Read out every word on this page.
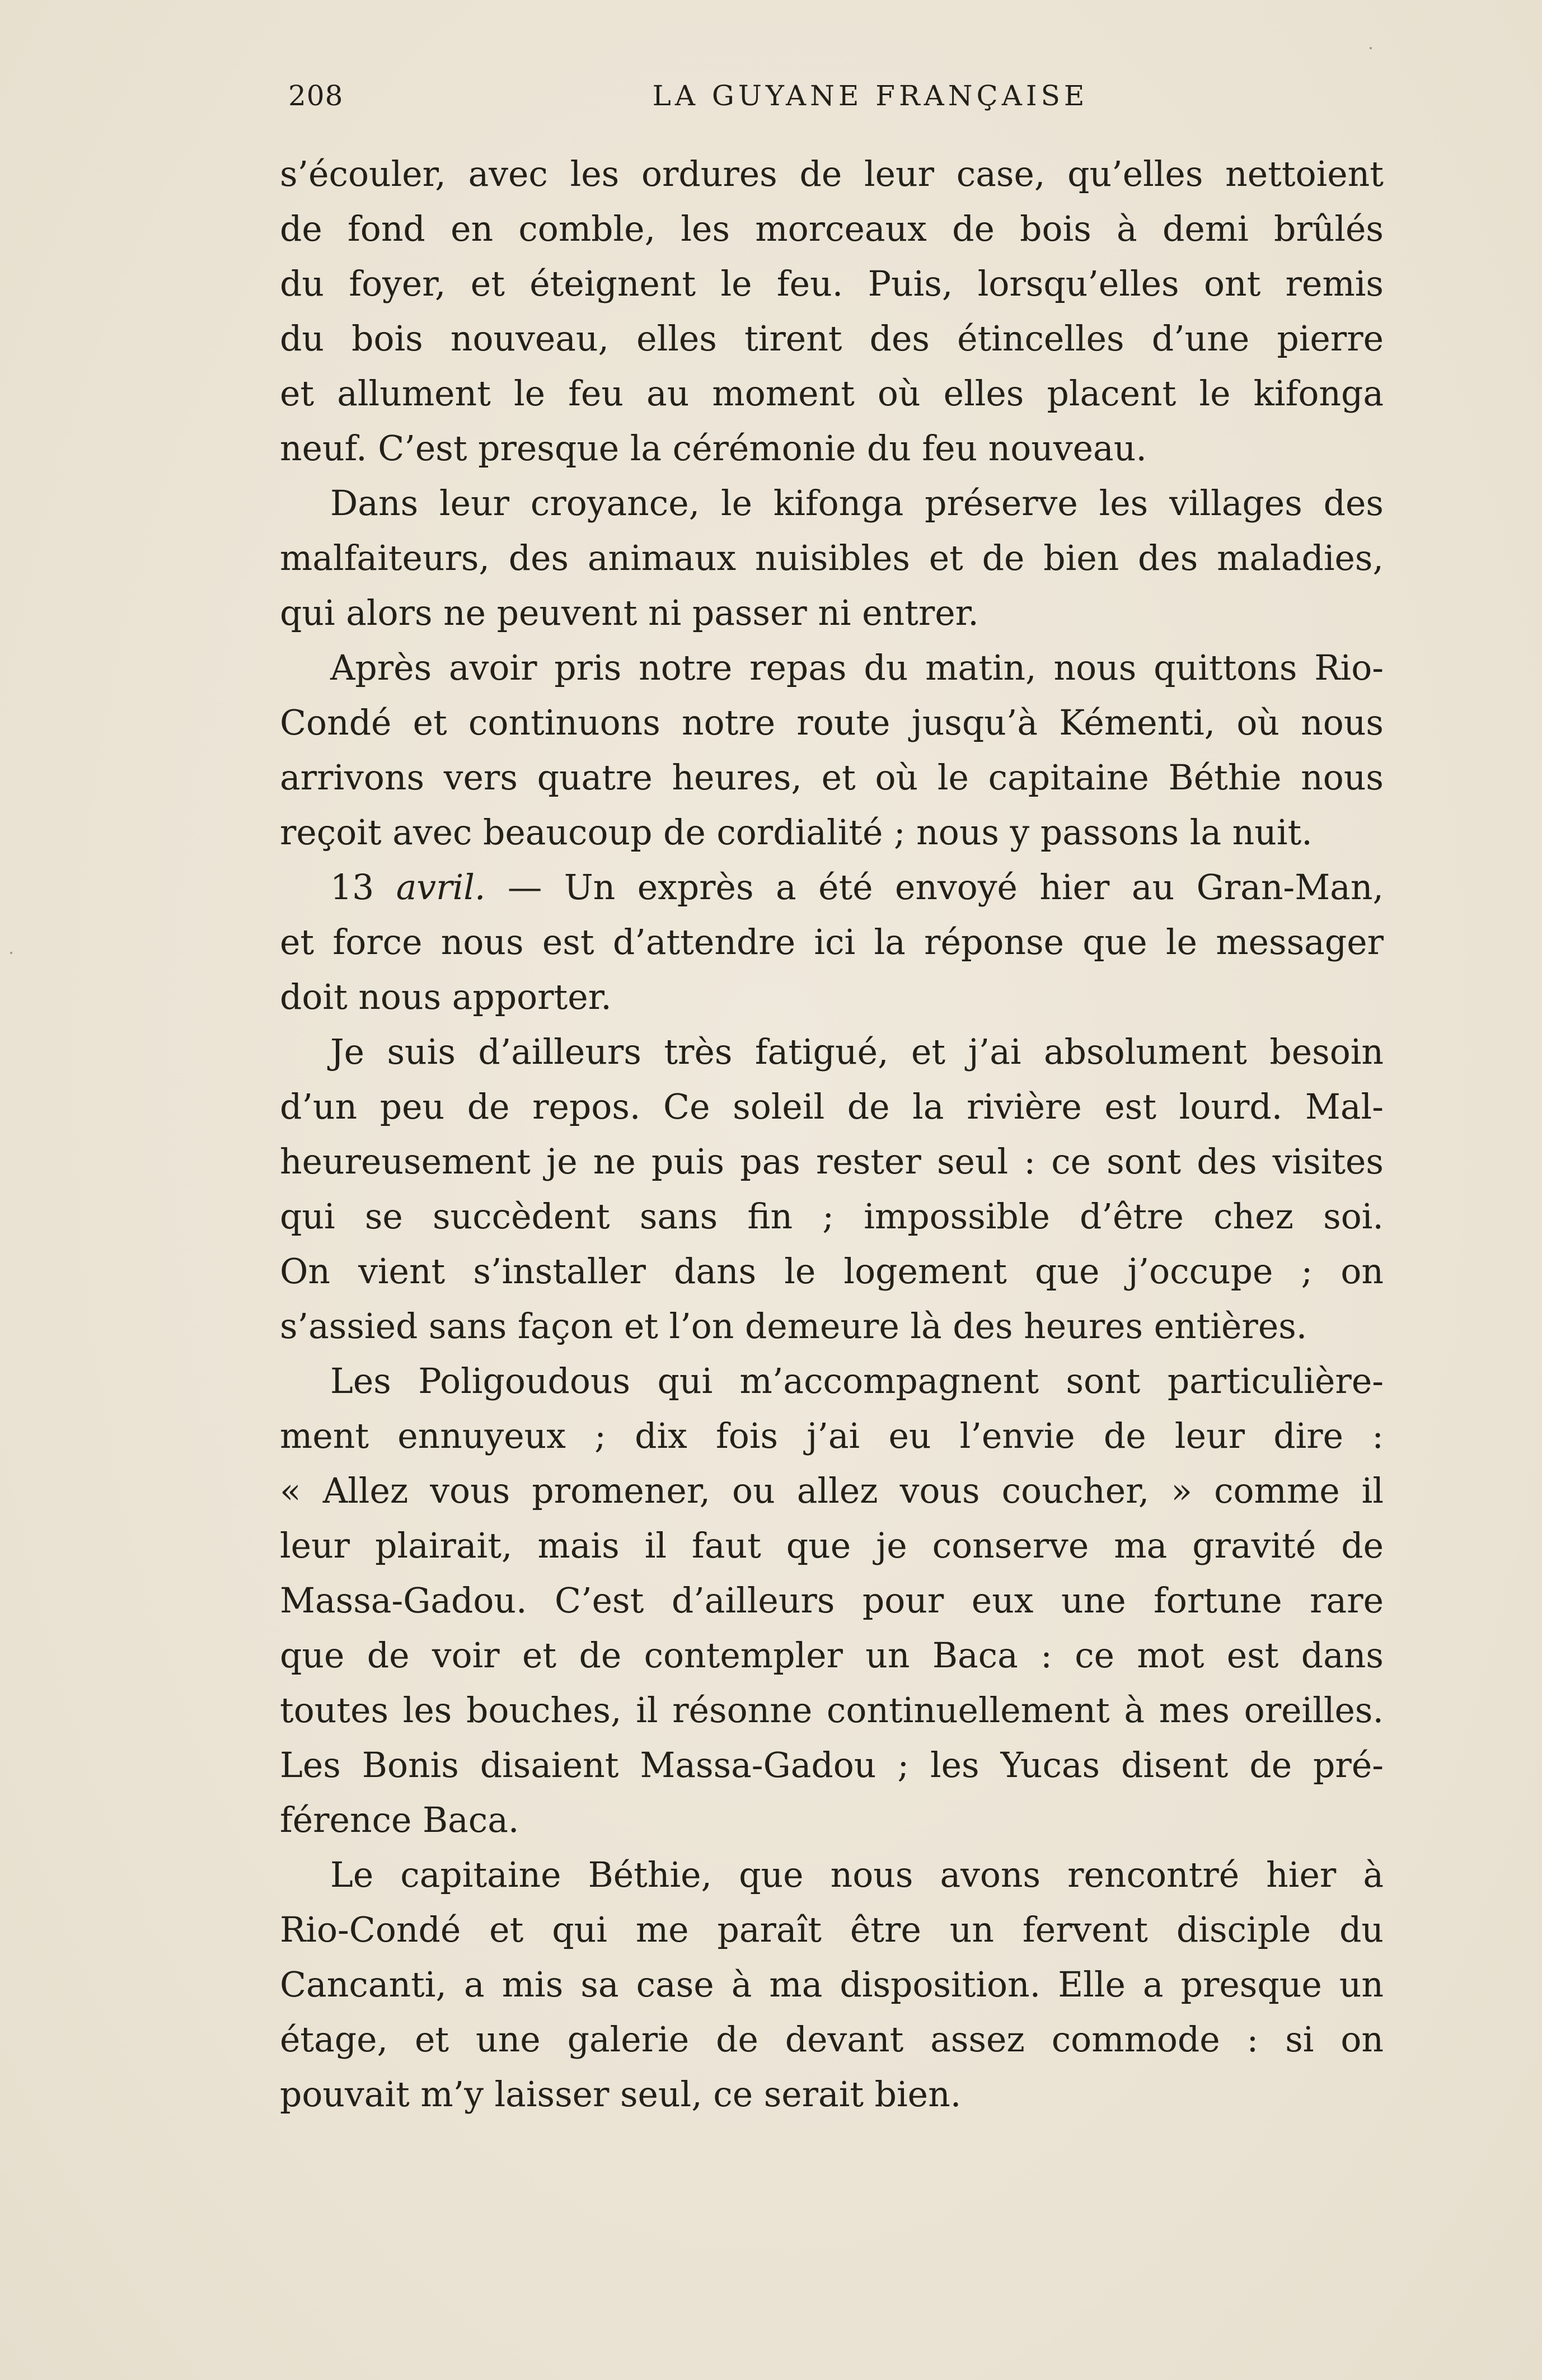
208	LA GUYANE FRANÇAISE

s’écouler, avec les ordures de leur case, qu’elles nettoient
de fond en comble, les morceaux de bois à demi brûlés
du foyer, et éteignent le feu. Puis, lorsqu’elles ont remis
du bois nouveau, elles tirent des étincelles d’une pierre
et allument le feu au moment où elles placent le kifonga
neuf. C’est presque la cérémonie du feu nouveau.

Dans leur croyance, le kifonga préserve les villages des
malfaiteurs, des animaux nuisibles et de bien des maladies,
qui alors ne peuvent ni passer ni entrer.

Après avoir pris notre repas du matin, nous quittons Rio-
Condé et continuons notre route jusqu’à Kémenti, où nous
arrivons vers quatre heures, et où le capitaine Béthie nous
reçoit avec beaucoup de cordialité ; nous y passons la nuit.

13 avril. — Un exprès a été envoyé hier au Gran-Man,
et force nous est d’attendre ici la réponse que le messager
doit nous apporter.

Je suis d’ailleurs très fatigué, et j’ai absolument besoin
d’un peu de repos. Ce soleil de la rivière est lourd. Mal-
heureusement je ne puis pas rester seul : ce sont des visites
qui se succèdent sans fin ; impossible d’être chez soi.
On vient s’installer dans le logement que j’occupe ; on
s’assied sans façon et l’on demeure là des heures entières.

Les Poligoudous qui m’accompagnent sont particulière-
ment ennuyeux ; dix fois j’ai eu l’envie de leur dire :
« Allez vous promener, ou allez vous coucher, » comme il
leur plairait, mais il faut que je conserve ma gravité de
Massa-Gadou. C’est d’ailleurs pour eux une fortune rare
que de voir et de contempler un Baca : ce mot est dans
toutes les bouches, il résonne continuellement à mes oreilles.
Les Bonis disaient Massa-Gadou ; les Yucas disent de pré-
férence Baca.

Le capitaine Béthie, que nous avons rencontré hier à
Rio-Condé et qui me paraît être un fervent disciple du
Cancanti, a mis sa case à ma disposition. Elle a presque un
étage, et une galerie de devant assez commode : si on
pouvait m’y laisser seul, ce serait bien.
